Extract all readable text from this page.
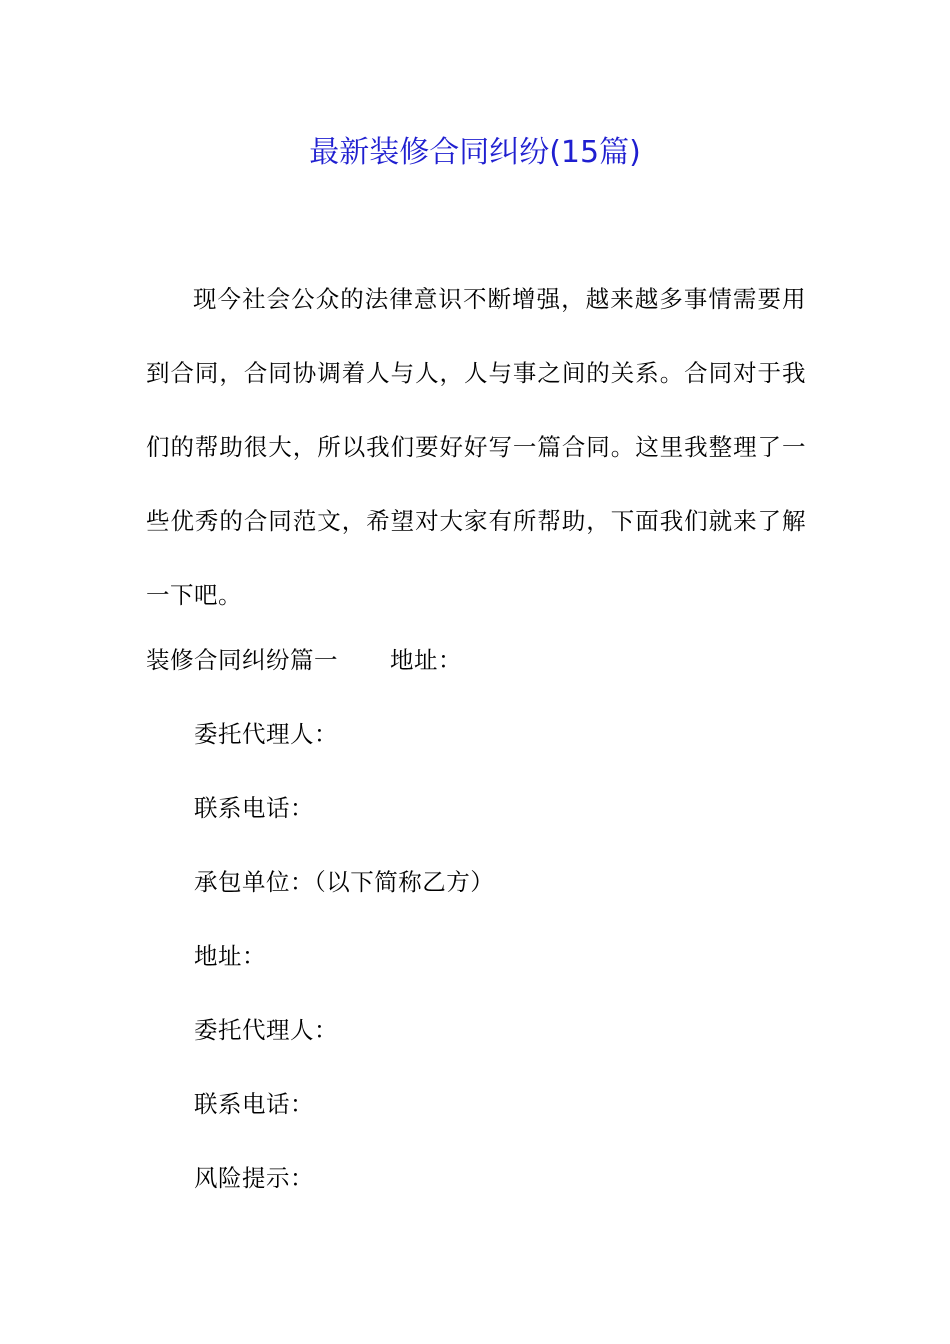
最新装修合同纠纷(15篇)

现今社会公众的法律意识不断增强，越来越多事情需要用到合同，合同协调着人与人，人与事之间的关系。合同对于我们的帮助很大，所以我们要好好写一篇合同。这里我整理了一些优秀的合同范文，希望对大家有所帮助，下面我们就来了解一下吧。

装修合同纠纷篇一 地址：
委托代理人：
联系电话：
承包单位：（以下简称乙方）
地址：
委托代理人：
联系电话：
风险提示：
